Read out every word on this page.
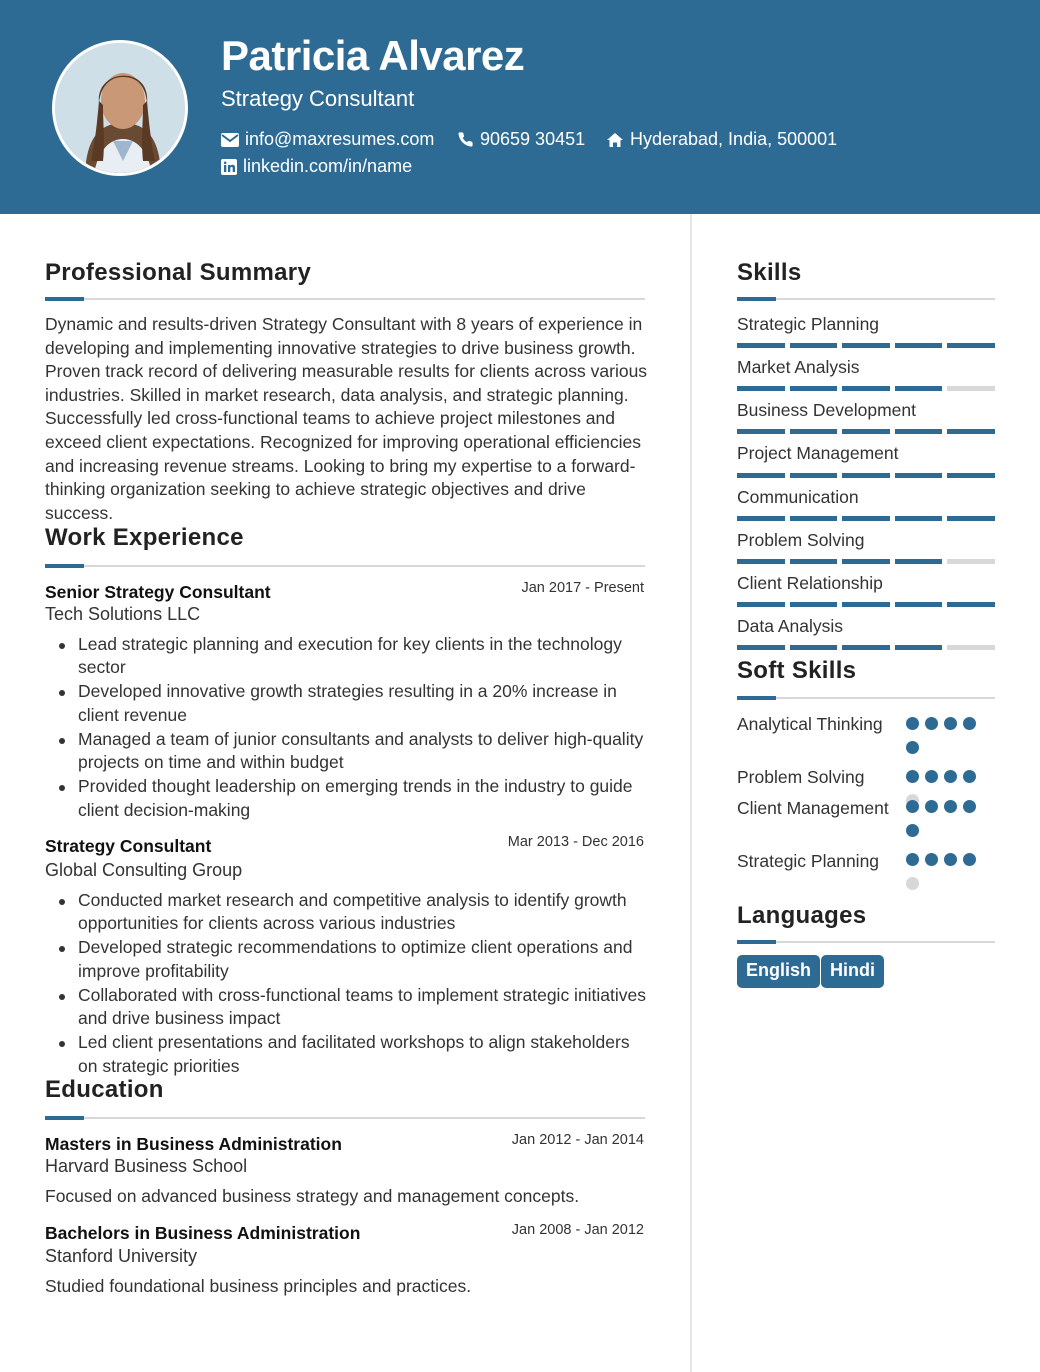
Patricia Alvarez
Strategy Consultant
info@maxresumes.com	90659 30451 Hyderabad, India, 500001
linkedin.com/in/name
Professional Summary
Dynamic and results-driven Strategy Consultant with 8 years of experience in developing and implementing innovative strategies to drive business growth. Proven track record of delivering measurable results for clients across various industries. Skilled in market research, data analysis, and strategic planning. Successfully led cross-functional teams to achieve project milestones and exceed client expectations. Recognized for improving operational efficiencies and increasing revenue streams. Looking to bring my expertise to a forward-thinking organization seeking to achieve strategic objectives and drive success.
Work Experience
Senior Strategy Consultant	Jan 2017 - Present
Tech Solutions LLC
Lead strategic planning and execution for key clients in the technology sector
Developed innovative growth strategies resulting in a 20% increase in client revenue
Managed a team of junior consultants and analysts to deliver high-quality projects on time and within budget
Provided thought leadership on emerging trends in the industry to guide client decision-making
Strategy Consultant	Mar 2013 - Dec 2016
Global Consulting Group
Conducted market research and competitive analysis to identify growth opportunities for clients across various industries
Developed strategic recommendations to optimize client operations and improve profitability
Collaborated with cross-functional teams to implement strategic initiatives and drive business impact
Led client presentations and facilitated workshops to align stakeholders on strategic priorities
Education
Masters in Business Administration	Jan 2012 - Jan 2014
Harvard Business School
Focused on advanced business strategy and management concepts.
Bachelors in Business Administration	Jan 2008 - Jan 2012
Stanford University
Studied foundational business principles and practices.
Skills
Strategic Planning
Market Analysis
Business Development
Project Management
Communication
Problem Solving
Client Relationship
Data Analysis
Soft Skills
Analytical Thinking
Problem Solving
Client Management
Strategic Planning
Languages
English	Hindi
